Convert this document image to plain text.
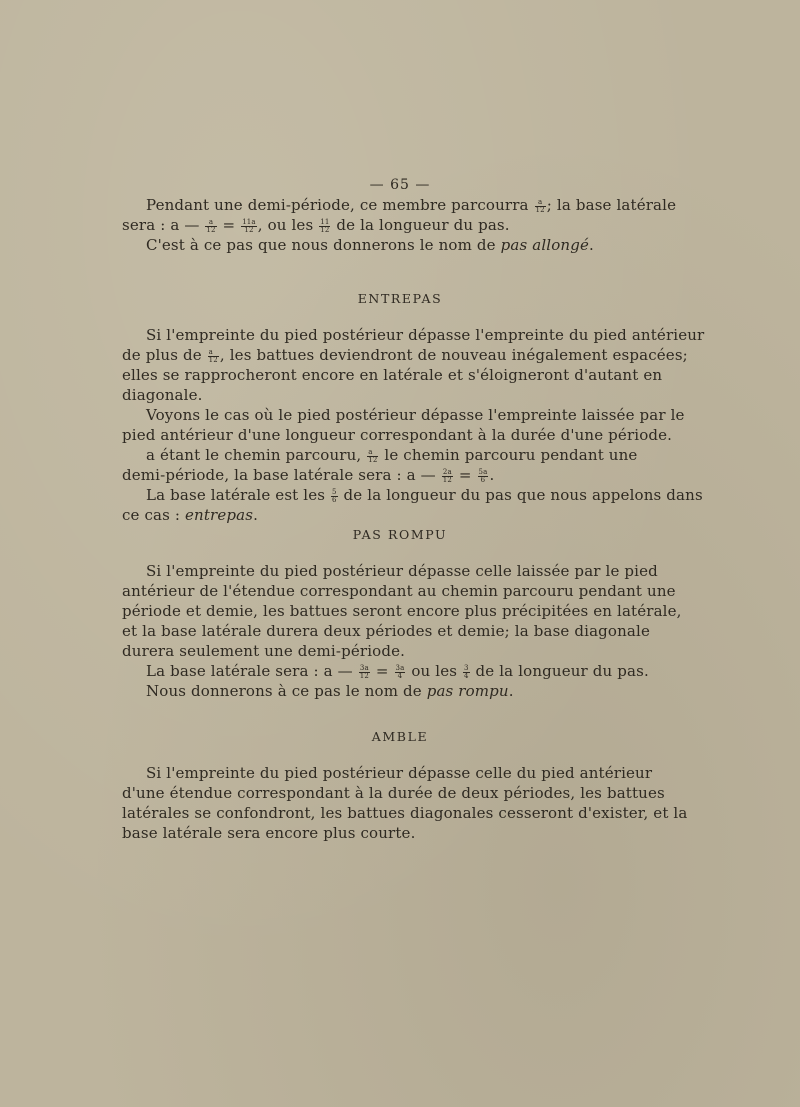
— 65 —
Pendant une demi-période, ce membre parcourra $\frac{a}{12}$ ; la base latérale
sera : a — $\frac{a}{12} = \frac{11a}{12}$ , ou les $\frac{11}{12}$ de la longueur du pas.
C'est à ce pas que nous donnerons le nom de pas allongé.
ENTREPAS
Si l'empreinte du pied postérieur dépasse l'empreinte du pied antérieur
de plus de $\frac{a}{12}$ , les battues deviendront de nouveau inégalement espacées;
elles se rapprocheront encore en latérale et s'éloigneront d'autant en
diagonale.
Voyons le cas où le pied postérieur dépasse l'empreinte laissée par le
pied antérieur d'une longueur correspondant à la durée d'une période.
a étant le chemin parcouru, $\frac{a}{12}$ le chemin parcouru pendant une
demi-période, la base latérale sera : a — $\frac{2a}{12} = \frac{5a}{6}$ .
La base latérale est les $\frac{5}{6}$ de la longueur du pas que nous appelons dans
ce cas : entrepas.
PAS ROMPU
Si l'empreinte du pied postérieur dépasse celle laissée par le pied
antérieur de l'étendue correspondant au chemin parcouru pendant une
période et demie, les battues seront encore plus précipitées en latérale,
et la base latérale durera deux périodes et demie; la base diagonale
durera seulement une demi-période.
La base latérale sera : a — $\frac{3a}{12} = \frac{3a}{4}$ ou les $\frac{3}{4}$ de la longueur du pas.
Nous donnerons à ce pas le nom de pas rompu.
AMBLE
Si l'empreinte du pied postérieur dépasse celle du pied antérieur
d'une étendue correspondant à la durée de deux périodes, les battues
latérales se confondront, les battues diagonales cesseront d'exister, et la
base latérale sera encore plus courte.
